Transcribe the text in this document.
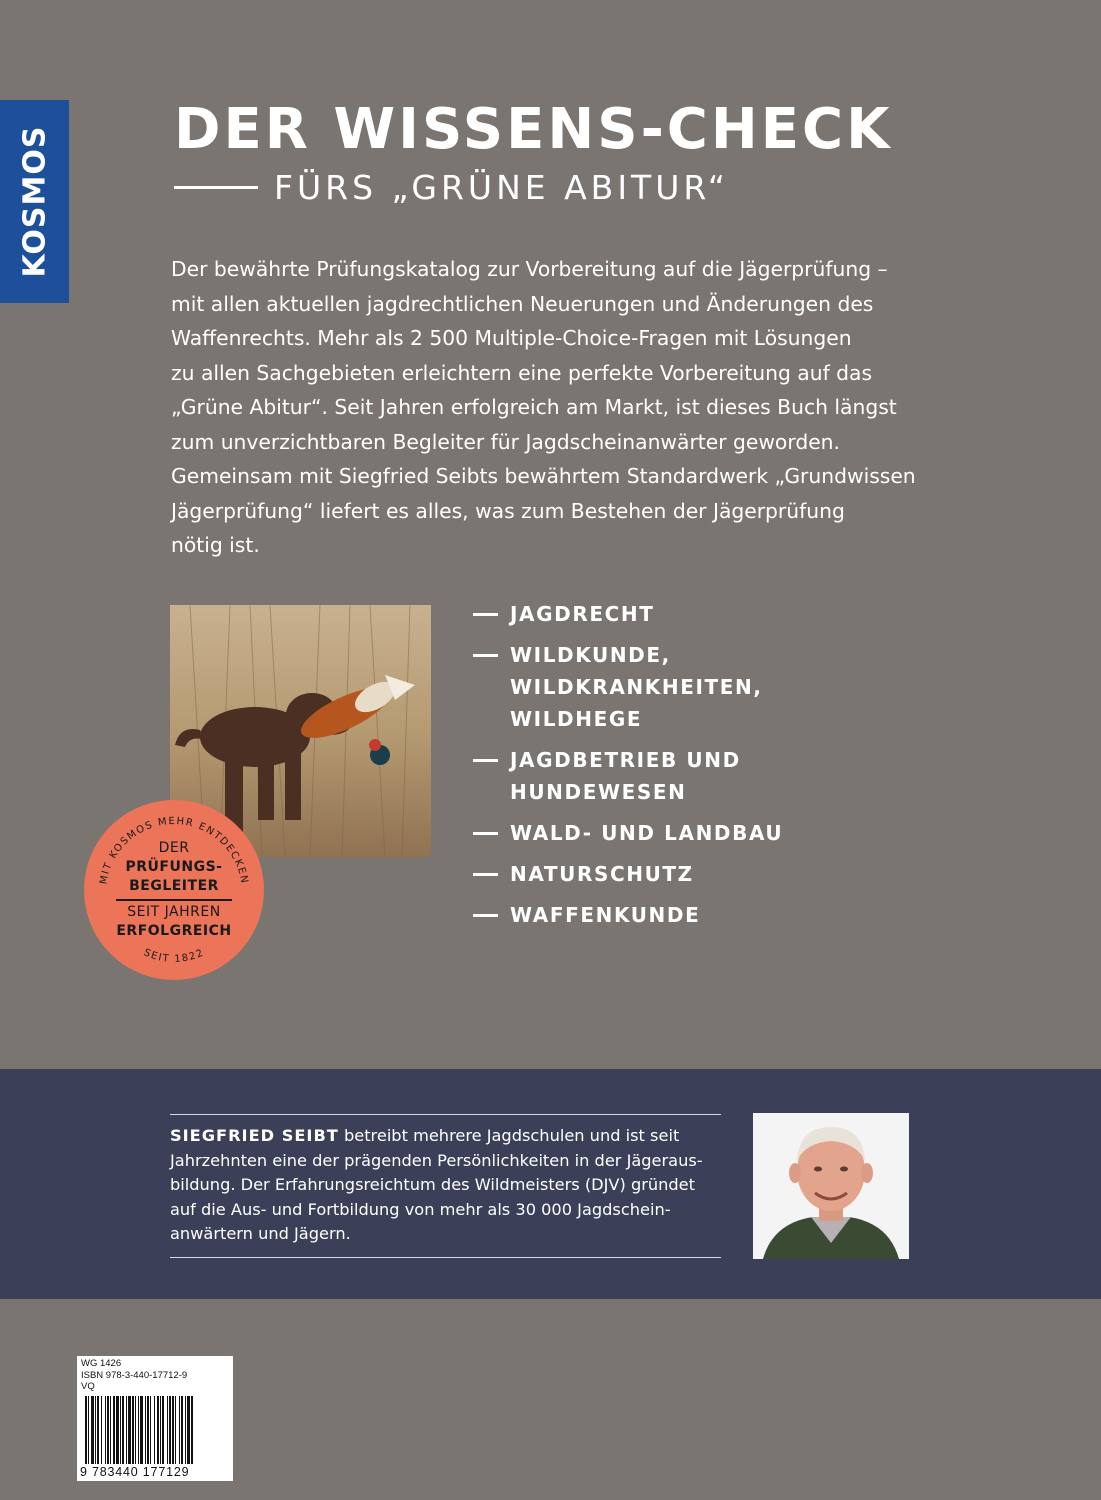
KOSMOS DER WISSENS-CHECK
FÜRS „GRÜNE ABITUR“
Der bewährte Prüfungskatalog zur Vorbereitung auf die Jägerprüfung –
mit allen aktuellen jagdrechtlichen Neuerungen und Änderungen des
Waffenrechts. Mehr als 2 500 Multiple-Choice-Fragen mit Lösungen
zu allen Sachgebieten erleichtern eine perfekte Vorbereitung auf das
„Grüne Abitur“. Seit Jahren erfolgreich am Markt, ist dieses Buch längst
zum unverzichtbaren Begleiter für Jagdscheinanwärter geworden.
Gemeinsam mit Siegfried Seibts bewährtem Standardwerk „Grundwissen
Jägerprüfung“ liefert es alles, was zum Bestehen der Jägerprüfung
nötig ist.
JAGDRECHT
WILDKUNDE, WILDKRANKHEITEN,
WILDHEGE
JAGDBETRIEB UND HUNDEWESEN
WALD- UND LANDBAU
NATURSCHUTZ
WAFFENKUNDE
MIT KOSMOS MEHR ENTDECKEN
SEIT 1822
DER
PRÜFUNGS-
BEGLEITER
SEIT JAHREN
ERFOLGREICH
SIEGFRIED SEIBT betreibt mehrere Jagdschulen und ist seit
Jahrzehnten eine der prägenden Persönlichkeiten in der Jägeraus-
bildung. Der Erfahrungsreichtum des Wildmeisters (DJV) gründet
auf die Aus- und Fortbildung von mehr als 30 000 Jagdschein-
anwärtern und Jägern.
WG 1426
ISBN 978-3-440-17712-9
VQ
9 783440 177129
kosmos.de
